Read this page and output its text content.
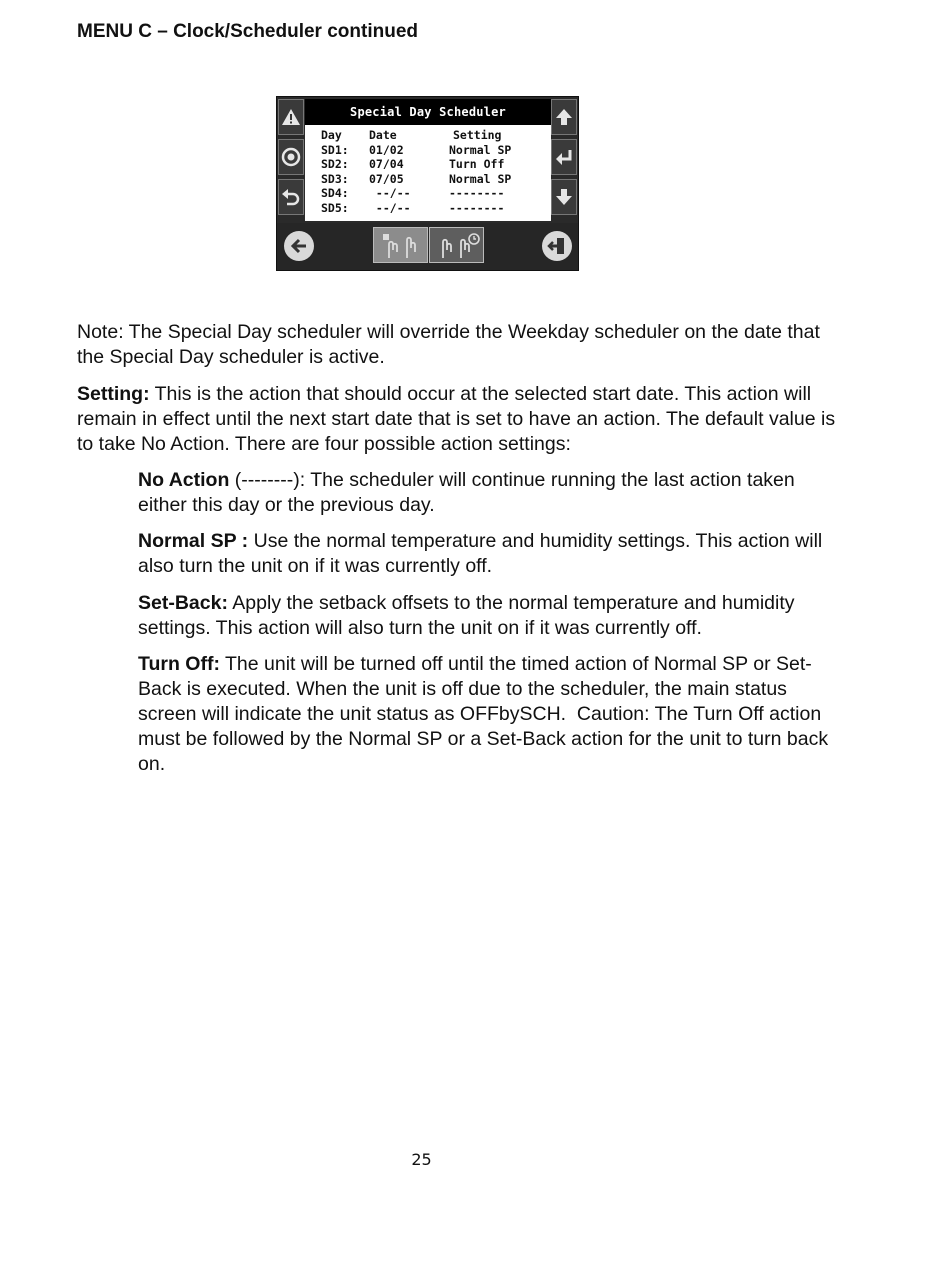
MENU C – Clock/Scheduler continued
Special Day Scheduler
Day	Date	Setting
SD1:	01/02	Normal SP
SD2:	07/04	Turn Off
SD3:	07/05	Normal SP
SD4:	--/--	--------
SD5:	--/--	--------
Note: The Special Day scheduler will override the Weekday scheduler on the date that the Special Day scheduler is active.
Setting: This is the action that should occur at the selected start date. This action will remain in effect until the next start date that is set to have an action. The default value is to take No Action. There are four possible action settings:
No Action (--------): The scheduler will continue running the last action taken either this day or the previous day.
Normal SP : Use the normal temperature and humidity settings. This action will also turn the unit on if it was currently off.
Set-Back: Apply the setback offsets to the normal temperature and humidity settings. This action will also turn the unit on if it was currently off.
Turn Off: The unit will be turned off until the timed action of Normal SP or Set-Back is executed. When the unit is off due to the scheduler, the main status screen will indicate the unit status as OFFbySCH.  Caution: The Turn Off action must be followed by the Normal SP or a Set-Back action for the unit to turn back on.
25
